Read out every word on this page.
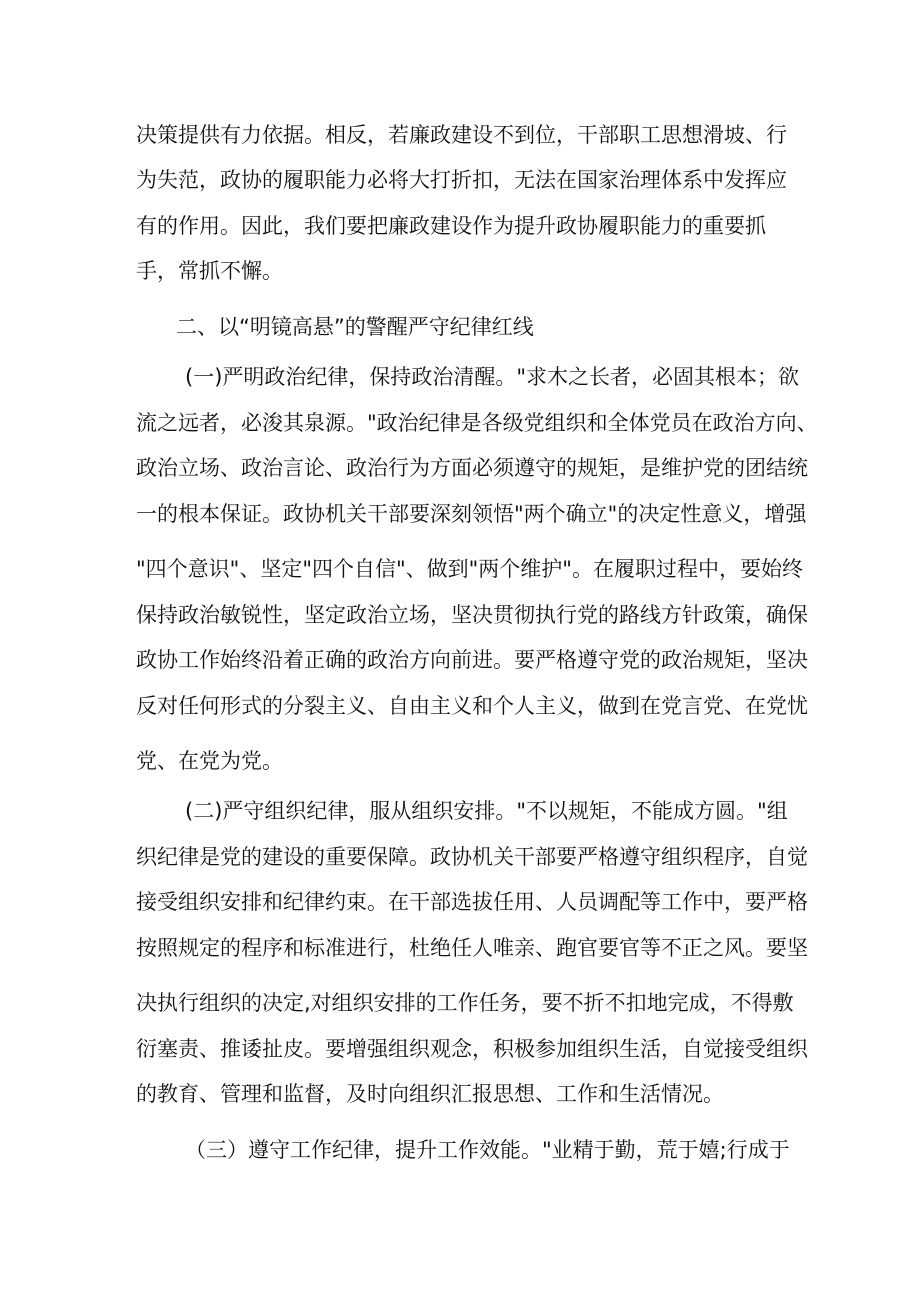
决策提供有力依据。相反，若廉政建设不到位，干部职工思想滑坡、行
为失范，政协的履职能力必将大打折扣，无法在国家治理体系中发挥应
有的作用。因此，我们要把廉政建设作为提升政协履职能力的重要抓
手，常抓不懈。
二、以“明镜高悬”的警醒严守纪律红线
(一)严明政治纪律，保持政治清醒。"求木之长者，必固其根本；欲
流之远者，必浚其泉源。"政治纪律是各级党组织和全体党员在政治方向、
政治立场、政治言论、政治行为方面必须遵守的规矩，是维护党的团结统
一的根本保证。政协机关干部要深刻领悟"两个确立"的决定性意义，增强
"四个意识"、坚定"四个自信"、做到"两个维护"。在履职过程中，要始终
保持政治敏锐性，坚定政治立场，坚决贯彻执行党的路线方针政策，确保
政协工作始终沿着正确的政治方向前进。要严格遵守党的政治规矩，坚决
反对任何形式的分裂主义、自由主义和个人主义，做到在党言党、在党忧
党、在党为党。
(二)严守组织纪律，服从组织安排。"不以规矩，不能成方圆。"组
织纪律是党的建设的重要保障。政协机关干部要严格遵守组织程序，自觉
接受组织安排和纪律约束。在干部选拔任用、人员调配等工作中，要严格
按照规定的程序和标准进行，杜绝任人唯亲、跑官要官等不正之风。要坚
决执行组织的决定,对组织安排的工作任务，要不折不扣地完成，不得敷
衍塞责、推诿扯皮。要增强组织观念，积极参加组织生活，自觉接受组织
的教育、管理和监督，及时向组织汇报思想、工作和生活情况。
（三）遵守工作纪律，提升工作效能。"业精于勤，荒于嬉;行成于
